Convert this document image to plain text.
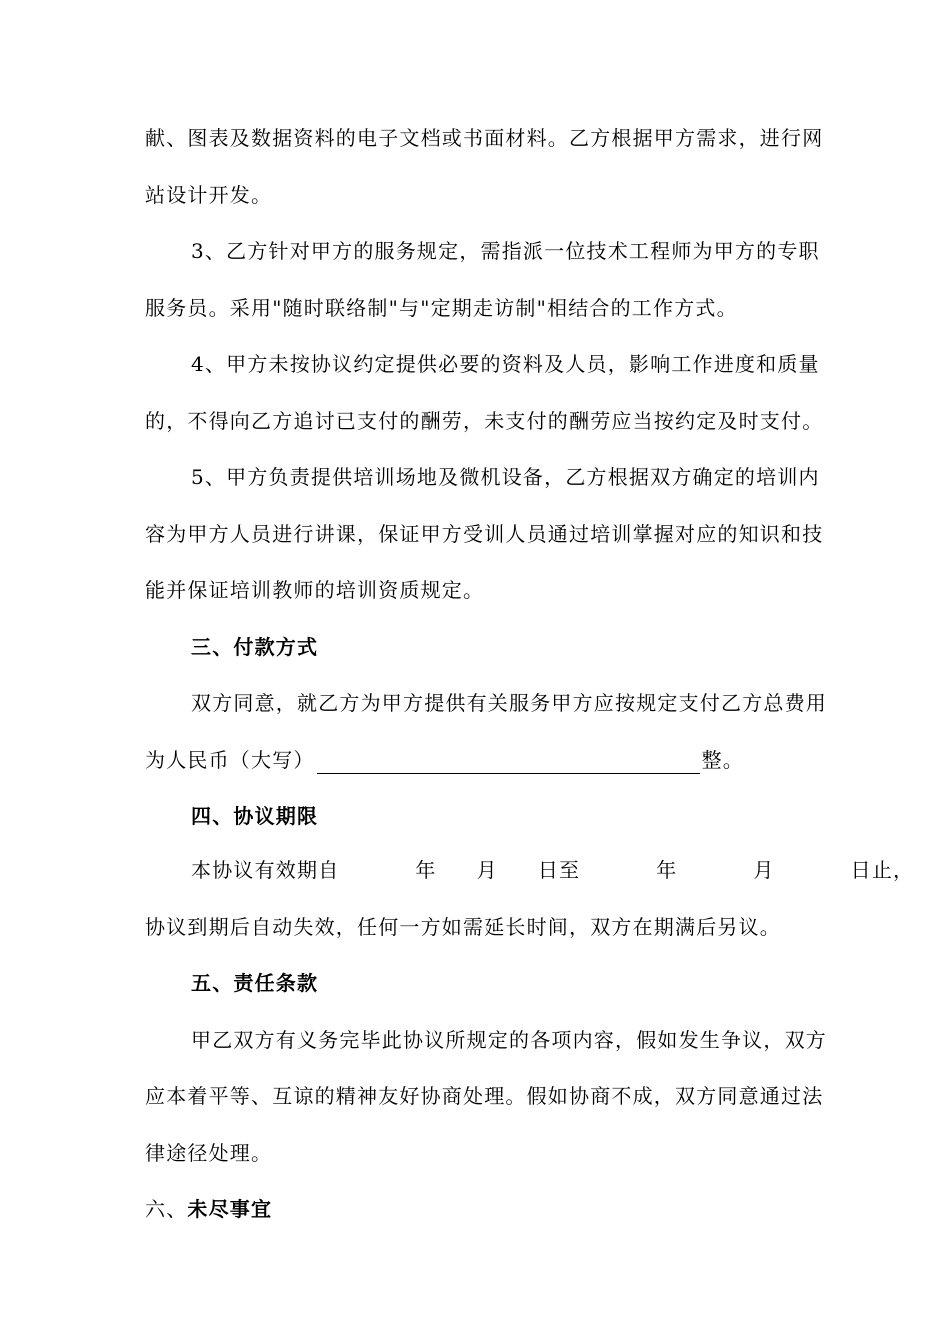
献、图表及数据资料的电子文档或书面材料。乙方根据甲方需求，进行网
站设计开发。
3、乙方针对甲方的服务规定，需指派一位技术工程师为甲方的专职
服务员。采用"随时联络制"与"定期走访制"相结合的工作方式。
4、甲方未按协议约定提供必要的资料及人员，影响工作进度和质量
的，不得向乙方追讨已支付的酬劳，未支付的酬劳应当按约定及时支付。
5、甲方负责提供培训场地及微机设备，乙方根据双方确定的培训内
容为甲方人员进行讲课，保证甲方受训人员通过培训掌握对应的知识和技
能并保证培训教师的培训资质规定。
三、付款方式
双方同意，就乙方为甲方提供有关服务甲方应按规定支付乙方总费用
为人民币（大写）	整。
四、协议期限
本协议有效期自	年 月 日至	年	月	日止，
协议到期后自动失效，任何一方如需延长时间，双方在期满后另议。
五、责任条款
甲乙双方有义务完毕此协议所规定的各项内容，假如发生争议，双方
应本着平等、互谅的精神友好协商处理。假如协商不成，双方同意通过法
律途径处理。
六、未尽事宜
